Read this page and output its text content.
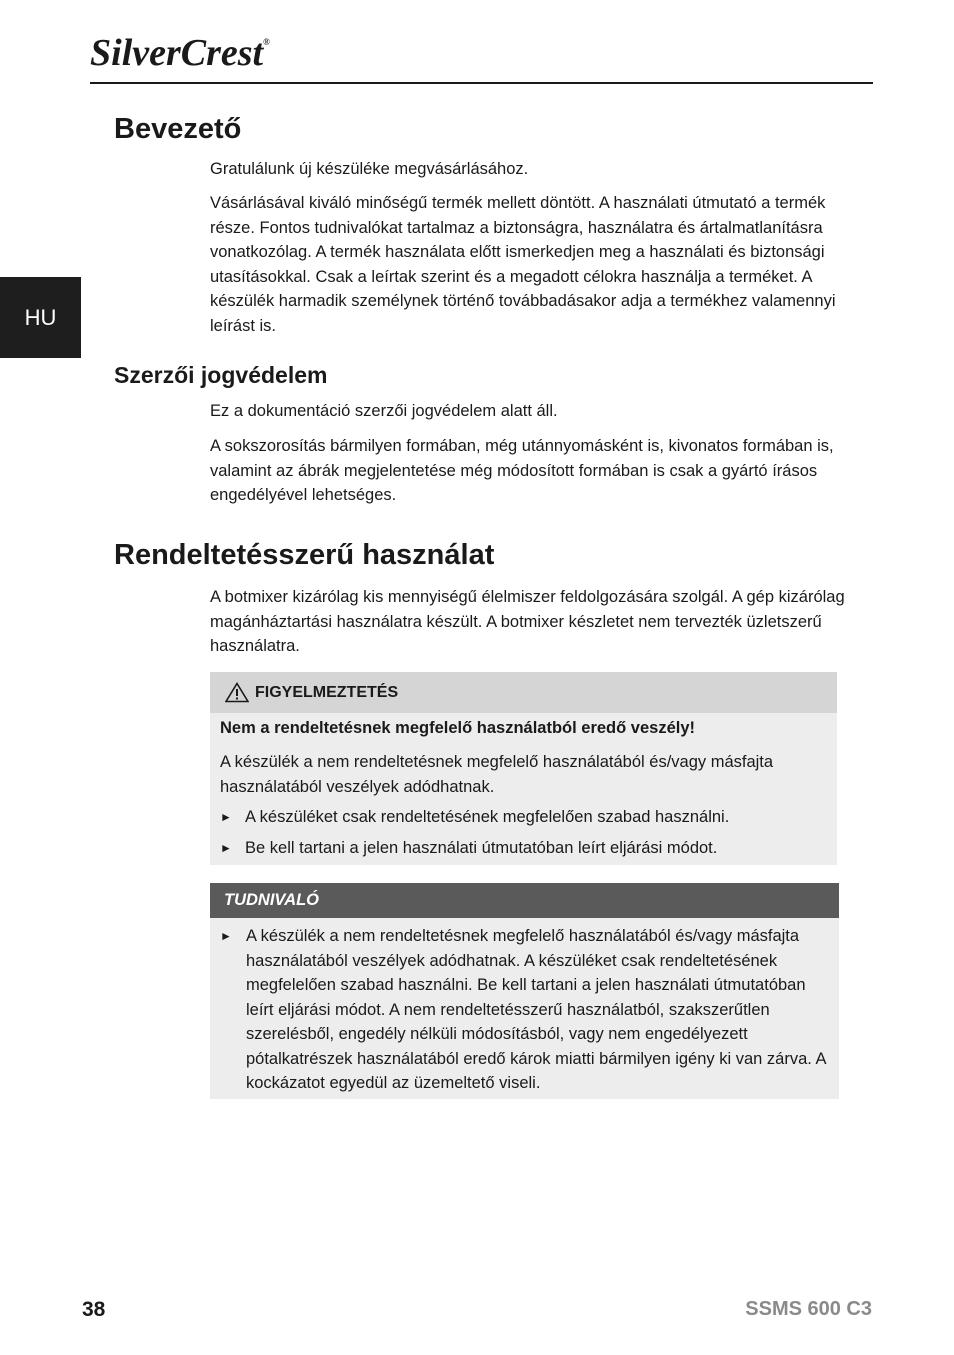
SilverCrest®
HU
Bevezető

Gratulálunk új készüléke megvásárlásához.

Vásárlásával kiváló minőségű termék mellett döntött. A használati útmutató a termék része. Fontos tudnivalókat tartalmaz a biztonságra, használatra és ártalmatlanításra vonatkozólag. A termék használata előtt ismerkedjen meg a használati és biztonsági utasításokkal. Csak a leírtak szerint és a megadott célokra használja a terméket. A készülék harmadik személynek történő továbbadásakor adja a termékhez valamennyi leírást is.

Szerzői jogvédelem

Ez a dokumentáció szerzői jogvédelem alatt áll.

A sokszorosítás bármilyen formában, még utánnyomásként is, kivonatos formában is, valamint az ábrák megjelentetése még módosított formában is csak a gyártó írásos engedélyével lehetséges.

Rendeltetésszerű használat

A botmixer kizárólag kis mennyiségű élelmiszer feldolgozására szolgál. A gép kizárólag magánháztartási használatra készült. A botmixer készletet nem tervezték üzletszerű használatra.

FIGYELMEZTETÉS
Nem a rendeltetésnek megfelelő használatból eredő veszély!

A készülék a nem rendeltetésnek megfelelő használatából és/vagy másfajta használatából veszélyek adódhatnak.

► A készüléket csak rendeltetésének megfelelően szabad használni.
► Be kell tartani a jelen használati útmutatóban leírt eljárási módot.
TUDNIVALÓ
► A készülék a nem rendeltetésnek megfelelő használatából és/vagy másfajta használatából veszélyek adódhatnak. A készüléket csak rendeltetésének megfelelően szabad használni. Be kell tartani a jelen használati útmutatóban leírt eljárási módot. A nem rendeltetésszerű használatból, szakszerűtlen szerelésből, engedély nélküli módosításból, vagy nem engedélyezett pótalkatrészek használatából eredő károk miatti bármilyen igény ki van zárva. A kockázatot egyedül az üzemeltető viseli.
38	SSMS 600 C3
